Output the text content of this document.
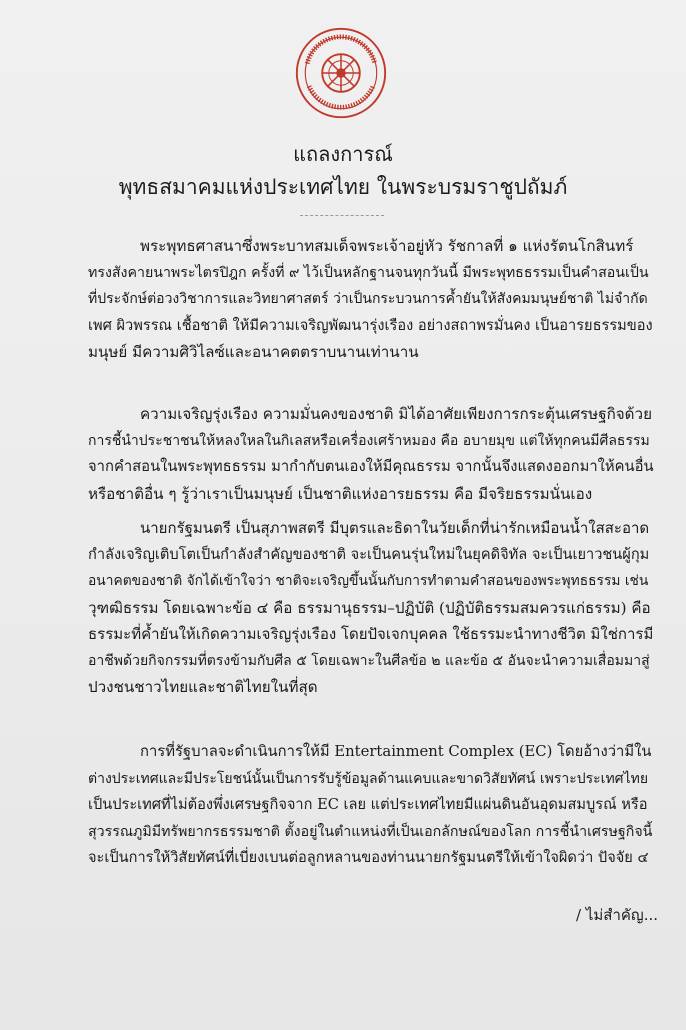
แถลงการณ์
พุทธสมาคมแห่งประเทศไทย ในพระบรมราชูปถัมภ์
พระพุทธศาสนาซึ่งพระบาทสมเด็จพระเจ้าอยู่หัว รัชกาลที่ ๑ แห่งรัตนโกสินทร์
ทรงสังคายนาพระไตรปิฎก ครั้งที่ ๙ ไว้เป็นหลักฐานจนทุกวันนี้ มีพระพุทธธรรมเป็นคำสอนเป็น
ที่ประจักษ์ต่อวงวิชาการและวิทยาศาสตร์ ว่าเป็นกระบวนการค้ำยันให้สังคมมนุษย์ชาติ ไม่จำกัด
เพศ ผิวพรรณ เชื้อชาติ ให้มีความเจริญพัฒนารุ่งเรือง อย่างสถาพรมั่นคง เป็นอารยธรรมของ
มนุษย์ มีความศิวิไลซ์และอนาคตตราบนานเท่านาน
ความเจริญรุ่งเรือง ความมั่นคงของชาติ มิได้อาศัยเพียงการกระตุ้นเศรษฐกิจด้วย
การชี้นำประชาชนให้หลงใหลในกิเลสหรือเครื่องเศร้าหมอง คือ อบายมุข แต่ให้ทุกคนมีศีลธรรม
จากคำสอนในพระพุทธธรรม มากำกับตนเองให้มีคุณธรรม จากนั้นจึงแสดงออกมาให้คนอื่น
หรือชาติอื่น ๆ รู้ว่าเราเป็นมนุษย์ เป็นชาติแห่งอารยธรรม คือ มีจริยธรรมนั่นเอง
นายกรัฐมนตรี เป็นสุภาพสตรี มีบุตรและธิดาในวัยเด็กที่น่ารักเหมือนน้ำใสสะอาด
กำลังเจริญเติบโตเป็นกำลังสำคัญของชาติ จะเป็นคนรุ่นใหม่ในยุคดิจิทัล จะเป็นเยาวชนผู้กุม
อนาคตของชาติ จักได้เข้าใจว่า ชาติจะเจริญขึ้นนั้นกับการทำตามคำสอนของพระพุทธธรรม เช่น
วุฑฒิธรรม โดยเฉพาะข้อ ๔ คือ ธรรมานุธรรม–ปฏิบัติ (ปฏิบัติธรรมสมควรแก่ธรรม) คือ
ธรรมะที่ค้ำยันให้เกิดความเจริญรุ่งเรือง โดยปัจเจกบุคคล ใช้ธรรมะนำทางชีวิต มิใช่การมี
อาชีพด้วยกิจกรรมที่ตรงข้ามกับศีล ๕ โดยเฉพาะในศีลข้อ ๒ และข้อ ๕ อันจะนำความเสื่อมมาสู่
ปวงชนชาวไทยและชาติไทยในที่สุด
การที่รัฐบาลจะดำเนินการให้มี Entertainment Complex (EC) โดยอ้างว่ามีใน
ต่างประเทศและมีประโยชน์นั้นเป็นการรับรู้ข้อมูลด้านแคบและขาดวิสัยทัศน์ เพราะประเทศไทย
เป็นประเทศที่ไม่ต้องพึ่งเศรษฐกิจจาก EC เลย แต่ประเทศไทยมีแผ่นดินอันอุดมสมบูรณ์ หรือ
สุวรรณภูมิมีทรัพยากรธรรมชาติ ตั้งอยู่ในตำแหน่งที่เป็นเอกลักษณ์ของโลก การชี้นำเศรษฐกิจนี้
จะเป็นการให้วิสัยทัศน์ที่เบี่ยงเบนต่อลูกหลานของท่านนายกรัฐมนตรีให้เข้าใจผิดว่า ปัจจัย ๔
/ ไม่สำคัญ...
